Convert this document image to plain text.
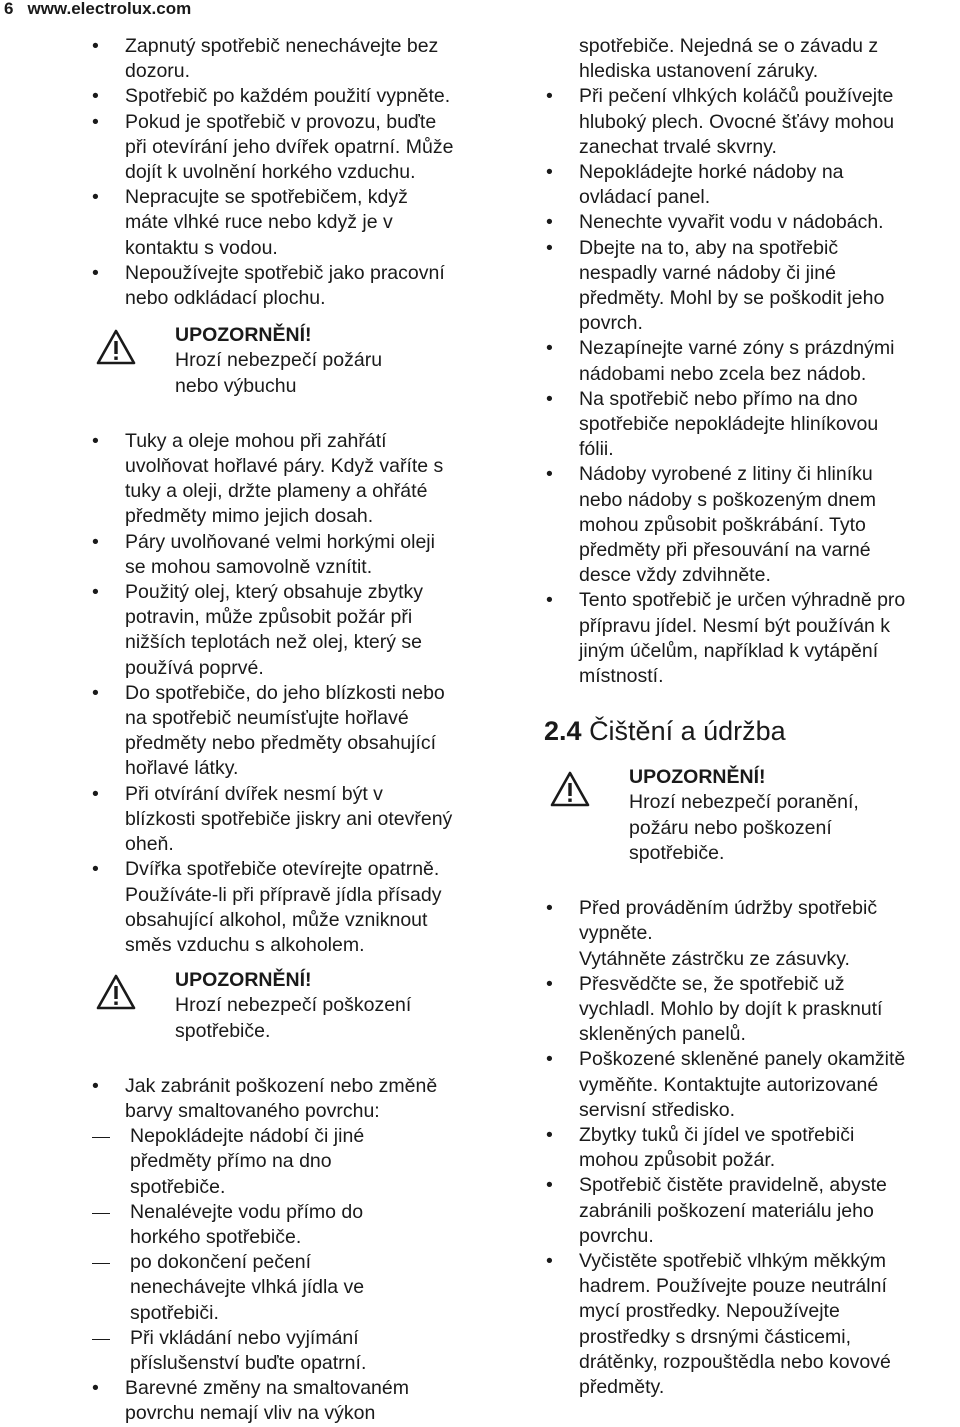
6 www.electrolux.com
• Zapnutý spotřebič nenechávejte bez
dozoru.
• Spotřebič po každém použití vypněte.
• Pokud je spotřebič v provozu, buďte
při otevírání jeho dvířek opatrní. Může
dojít k uvolnění horkého vzduchu.
• Nepracujte se spotřebičem, když
máte vlhké ruce nebo když je v
kontaktu s vodou.
• Nepoužívejte spotřebič jako pracovní
nebo odkládací plochu.
UPOZORNĚNÍ!
Hrozí nebezpečí požáru
nebo výbuchu
• Tuky a oleje mohou při zahřátí
uvolňovat hořlavé páry. Když vaříte s
tuky a oleji, držte plameny a ohřáté
předměty mimo jejich dosah.
• Páry uvolňované velmi horkými oleji
se mohou samovolně vznítit.
• Použitý olej, který obsahuje zbytky
potravin, může způsobit požár při
nižších teplotách než olej, který se
používá poprvé.
• Do spotřebiče, do jeho blízkosti nebo
na spotřebič neumísťujte hořlavé
předměty nebo předměty obsahující
hořlavé látky.
• Při otvírání dvířek nesmí být v
blízkosti spotřebiče jiskry ani otevřený
oheň.
• Dvířka spotřebiče otevírejte opatrně.
Používáte-li při přípravě jídla přísady
obsahující alkohol, může vzniknout
směs vzduchu s alkoholem.
UPOZORNĚNÍ!
Hrozí nebezpečí poškození
spotřebiče.
• Jak zabránit poškození nebo změně
barvy smaltovaného povrchu:
Nepokládejte nádobí či jiné
předměty přímo na dno
spotřebiče.
Nenalévejte vodu přímo do
horkého spotřebiče.
po dokončení pečení
nenechávejte vlhká jídla ve
spotřebiči.
Při vkládání nebo vyjímání
příslušenství buďte opatrní.
• Barevné změny na smaltovaném
povrchu nemají vliv na výkon
spotřebiče. Nejedná se o závadu z
hlediska ustanovení záruky.
• Při pečení vlhkých koláčů používejte
hluboký plech. Ovocné šťávy mohou
zanechat trvalé skvrny.
• Nepokládejte horké nádoby na
ovládací panel.
• Nenechte vyvařit vodu v nádobách.
• Dbejte na to, aby na spotřebič
nespadly varné nádoby či jiné
předměty. Mohl by se poškodit jeho
povrch.
• Nezapínejte varné zóny s prázdnými
nádobami nebo zcela bez nádob.
• Na spotřebič nebo přímo na dno
spotřebiče nepokládejte hliníkovou
fólii.
• Nádoby vyrobené z litiny či hliníku
nebo nádoby s poškozeným dnem
mohou způsobit poškrábání. Tyto
předměty při přesouvání na varné
desce vždy zdvihněte.
• Tento spotřebič je určen výhradně pro
přípravu jídel. Nesmí být používán k
jiným účelům, například k vytápění
místností.
2.4 Čištění a údržba
UPOZORNĚNÍ!
Hrozí nebezpečí poranění,
požáru nebo poškození
spotřebiče.
• Před prováděním údržby spotřebič
vypněte.
Vytáhněte zástrčku ze zásuvky.
• Přesvědčte se, že spotřebič už
vychladl. Mohlo by dojít k prasknutí
skleněných panelů.
• Poškozené skleněné panely okamžitě
vyměňte. Kontaktujte autorizované
servisní středisko.
• Zbytky tuků či jídel ve spotřebiči
mohou způsobit požár.
• Spotřebič čistěte pravidelně, abyste
zabránili poškození materiálu jeho
povrchu.
• Vyčistěte spotřebič vlhkým měkkým
hadrem. Používejte pouze neutrální
mycí prostředky. Nepoužívejte
prostředky s drsnými částicemi,
drátěnky, rozpouštědla nebo kovové
předměty.
